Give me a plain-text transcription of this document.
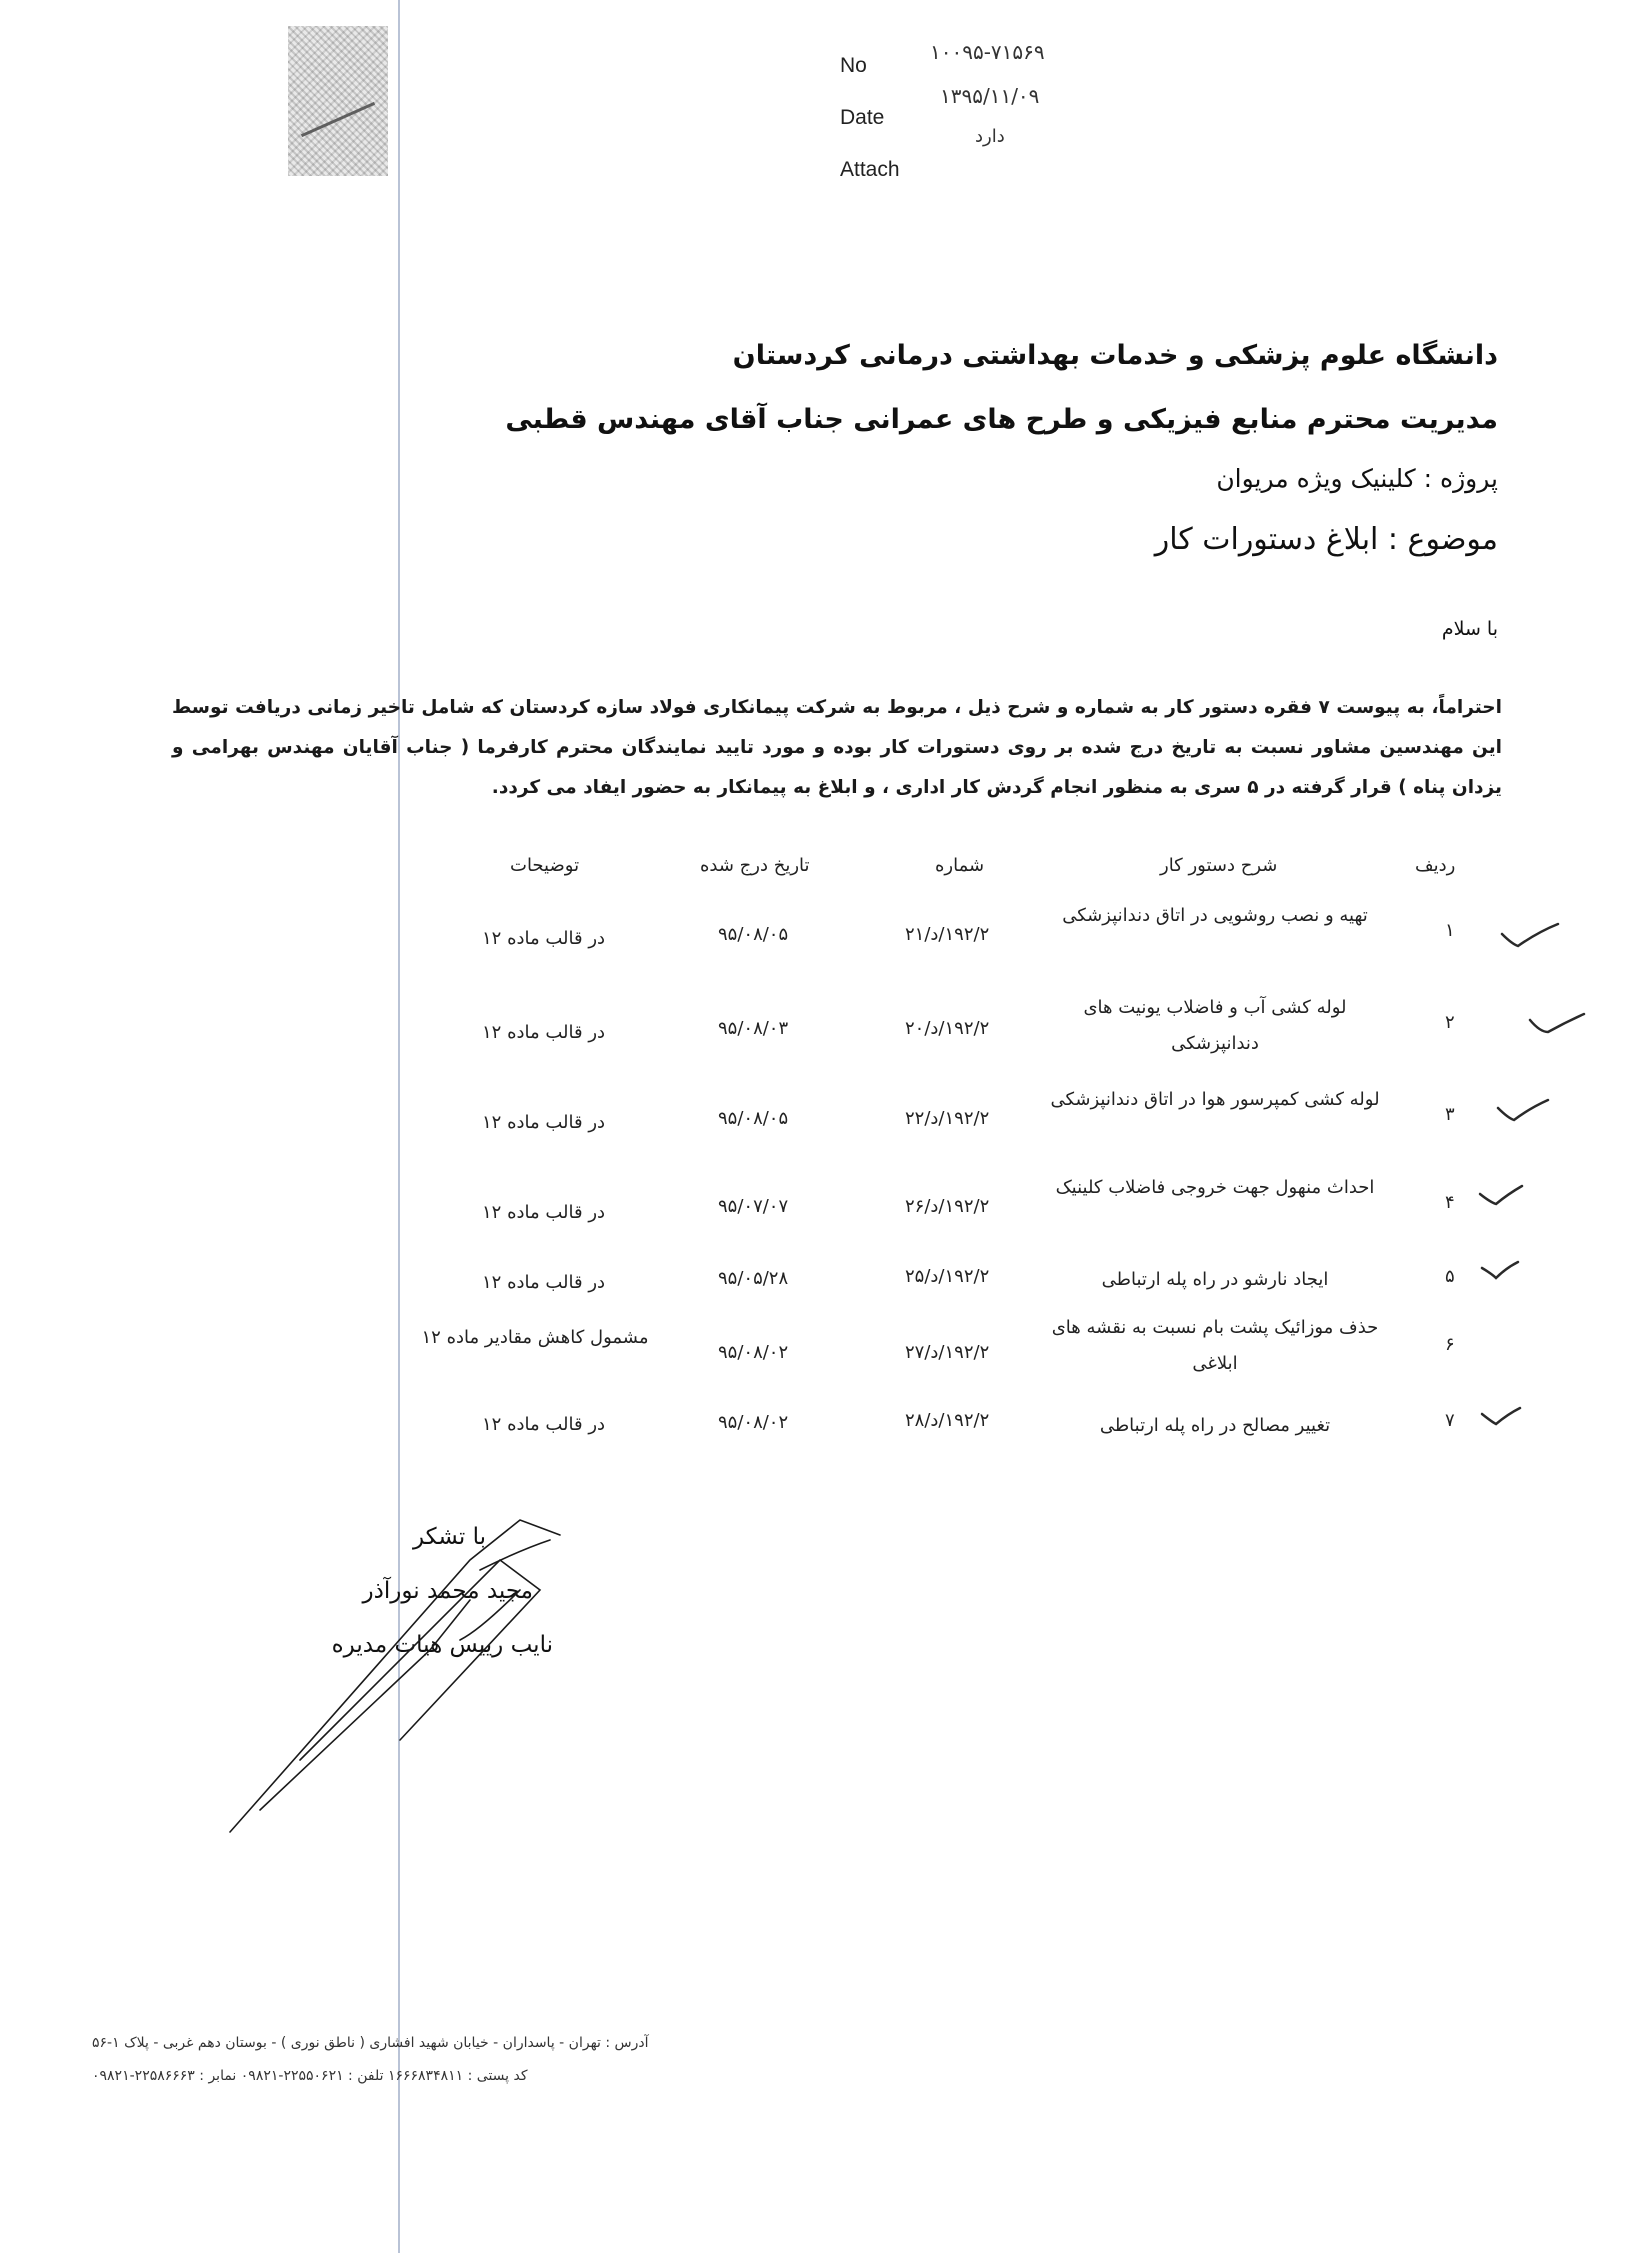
No
Date
Attach
۱۰۰۹۵-۷۱۵۶۹
۱۳۹۵/۱۱/۰۹
دارد
دانشگاه علوم پزشکی و خدمات بهداشتی درمانی کردستان
مدیریت محترم منابع فیزیکی و طرح های عمرانی جناب آقای مهندس قطبی
پروژه : کلینیک ویژه مریوان
موضوع : ابلاغ دستورات کار
با سلام
احتراماً، به پیوست ۷ فقره دستور کار به شماره و شرح ذیل ، مربوط به شرکت پیمانکاری فولاد سازه کردستان که شامل تاخیر زمانی دریافت توسط این مهندسین مشاور نسبت به تاریخ درج شده بر روی دستورات کار بوده و مورد تایید نمایندگان محترم کارفرما ( جناب آقایان مهندس بهرامی و یزدان پناه ) قرار گرفته در ۵ سری به منظور انجام گردش کار اداری ، و ابلاغ به پیمانکار به حضور ایفاد می کردد.
ردیف
شرح دستور کار
شماره
تاریخ درج شده
توضیحات
۱
تهیه و نصب روشویی در اتاق دندانپزشکی
۱۹۲/۲/د/۲۱
۹۵/۰۸/۰۵
در قالب ماده ۱۲
۲
لوله کشی آب و فاضلاب یونیت های دندانپزشکی
۱۹۲/۲/د/۲۰
۹۵/۰۸/۰۳
در قالب ماده ۱۲
۳
لوله کشی کمپرسور هوا در اتاق دندانپزشکی
۱۹۲/۲/د/۲۲
۹۵/۰۸/۰۵
در قالب ماده ۱۲
۴
احداث منهول جهت خروجی فاضلاب کلینیک
۱۹۲/۲/د/۲۶
۹۵/۰۷/۰۷
در قالب ماده ۱۲
۵
ایجاد نارشو در راه پله ارتباطی
۱۹۲/۲/د/۲۵
۹۵/۰۵/۲۸
در قالب ماده ۱۲
۶
حذف موزائیک پشت بام نسبت به نقشه های ابلاغی
۱۹۲/۲/د/۲۷
۹۵/۰۸/۰۲
مشمول کاهش مقادیر ماده ۱۲
۷
تغییر مصالح در راه پله ارتباطی
۱۹۲/۲/د/۲۸
۹۵/۰۸/۰۲
در قالب ماده ۱۲
با تشکر
مجید محمد نورآذر
نایب رییس هیات مدیره
آدرس : تهران - پاسداران - خیابان شهید افشاری ( ناطق نوری ) - بوستان دهم غربی - پلاک ۱-۵۶
کد پستی : ۱۶۶۶۸۳۴۸۱۱ تلفن : ۲۲۵۵۰۶۲۱-۰۹۸۲۱ نمابر : ۲۲۵۸۶۶۶۳-۰۹۸۲۱
